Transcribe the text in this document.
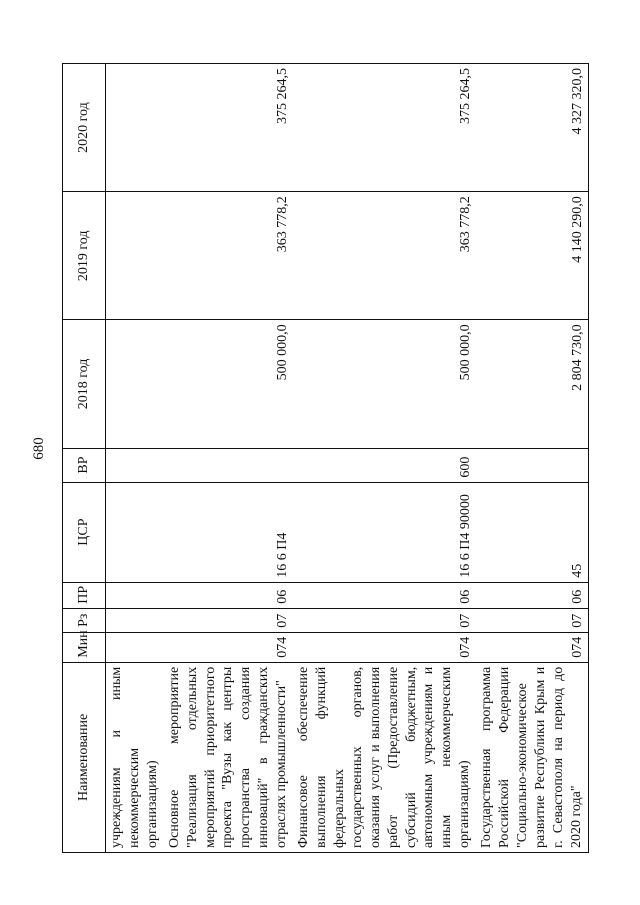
680
Наименование	Мин	Рз	ПР	ЦСР	ВР	2018 год	2019 год	2020 год
учреждениям и иным некоммерческим организациям)								
Основное мероприятие "Реализация отдельных мероприятий приоритетного проекта "Вузы как центры пространства создания инноваций" в гражданских отраслях промышленности"	074	07	06	16 6 П4		500 000,0	363 778,2	375 264,5
Финансовое обеспечение выполнения функций федеральных государственных органов, оказания услуг и выполнения работ (Предоставление субсидий бюджетным, автономным учреждениям и иным некоммерческим организациям)	074	07	06	16 6 П4 90000	600	500 000,0	363 778,2	375 264,5
Государственная программа Российской Федерации "Социально-экономическое развитие Республики Крым и г. Севастополя на период до 2020 года"	074	07	06	45		2 804 730,0	4 140 290,0	4 327 320,0
